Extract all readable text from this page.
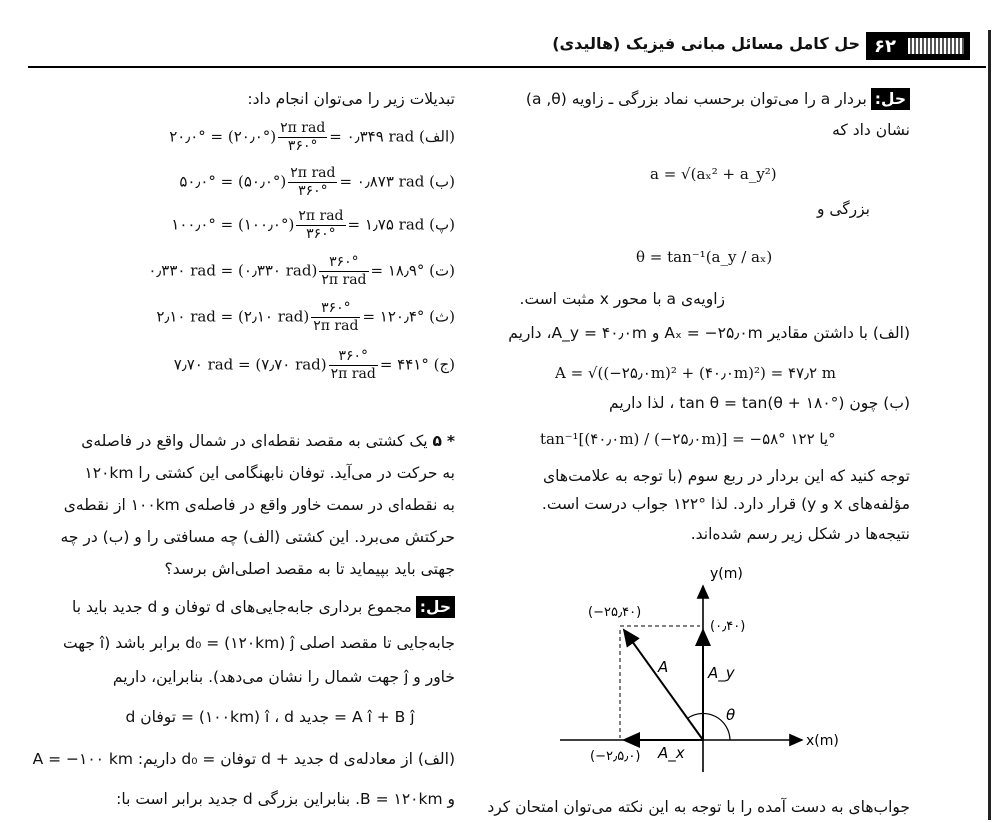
۶۲
حل کامل مسائل مبانی فیزیک (هالیدی)
حل:بردار a را می‌توان برحسب نماد بزرگی ـ زاویه (a ,θ)
نشان داد که
a = √(aₓ² + a_y²)
بزرگی و
θ = tan⁻¹(a_y / aₓ)
زاویه‌ی a با محور x مثبت است.
(الف) با داشتن مقادیر Aₓ = −۲۵٫۰m و A_y = ۴۰٫۰m، داریم
A = √((−۲۵٫۰m)² + (۴۰٫۰m)²) = ۴۷٫۲ m
(ب) چون tan θ = tan(θ + ۱۸۰°) ، لذا داریم
tan⁻¹[(۴۰٫۰m) / (−۲۵٫۰m)] = −۵۸° یا ۱۲۲°
توجه کنید که این بردار در ربع سوم (با توجه به علامت‌های
مؤلفه‌های x و y) قرار دارد. لذا °۱۲۲ جواب درست است.
نتیجه‌ها در شکل زیر رسم شده‌اند.
y(m)
x(m)
(−۲۵٫۴۰)
(۰٫۴۰)
(−۲٫۵٫۰)
A	A_y
A_x
θ
جواب‌های به دست آمده را با توجه به این نکته می‌توان امتحان کرد
تبدیلات زیر را می‌توان انجام داد:
(الف) ۲۰٫۰° = (۲۰٫۰°) $\frac{\text{۲π rad}}{۳۶۰^\circ}$ = ۰٫۳۴۹ rad
(ب) ۵۰٫۰° = (۵۰٫۰°) $\frac{\text{۲π rad}}{۳۶۰^\circ}$ = ۰٫۸۷۳ rad
(پ) ۱۰۰٫۰° = (۱۰۰٫۰°) $\frac{\text{۲π rad}}{۳۶۰^\circ}$ = ۱٫۷۵ rad
(ت) ۰٫۳۳۰ rad = (۰٫۳۳۰ $rad) \frac{۳۶۰^\circ}{\text{۲π rad}}$ = ۱۸٫۹°
(ث) ۲٫۱۰ rad = (۲٫۱۰ $rad) \frac{۳۶۰^\circ}{\text{۲π rad}}$ = ۱۲۰٫۴°
(ج) ۷٫۷۰ rad = (۷٫۷۰ $rad) \frac{۳۶۰^\circ}{\text{۲π rad}}$ = ۴۴۱°
* ۵ یک کشتی به مقصد نقطه‌ای در شمال واقع در فاصله‌ی
۱۲۰km به حرکت در می‌آید. توفان نابهنگامی این کشتی را
به نقطه‌ای در سمت خاور واقع در فاصله‌ی ۱۰۰km از نقطه‌ی
حرکتش می‌برد. این کشتی (الف) چه مسافتی را و (ب) در چه
جهتی باید بپیماید تا به مقصد اصلی‌اش برسد؟
حل:مجموع برداری جابه‌جایی‌های d توفان و d جدید باید با
جابه‌جایی تا مقصد اصلی d₀ = (۱۲۰km) ĵ برابر باشد (î جهت
خاور و ĵ جهت شمال را نشان می‌دهد). بنابراین، داریم
d توفان = (۱۰۰km) î ، d جدید = A î + B ĵ
(الف) از معادله‌ی d جدید + d توفان = d₀ داریم: A = −۱۰۰ km
و B = ۱۲۰km. بنابراین بزرگی d جدید برابر است با:
